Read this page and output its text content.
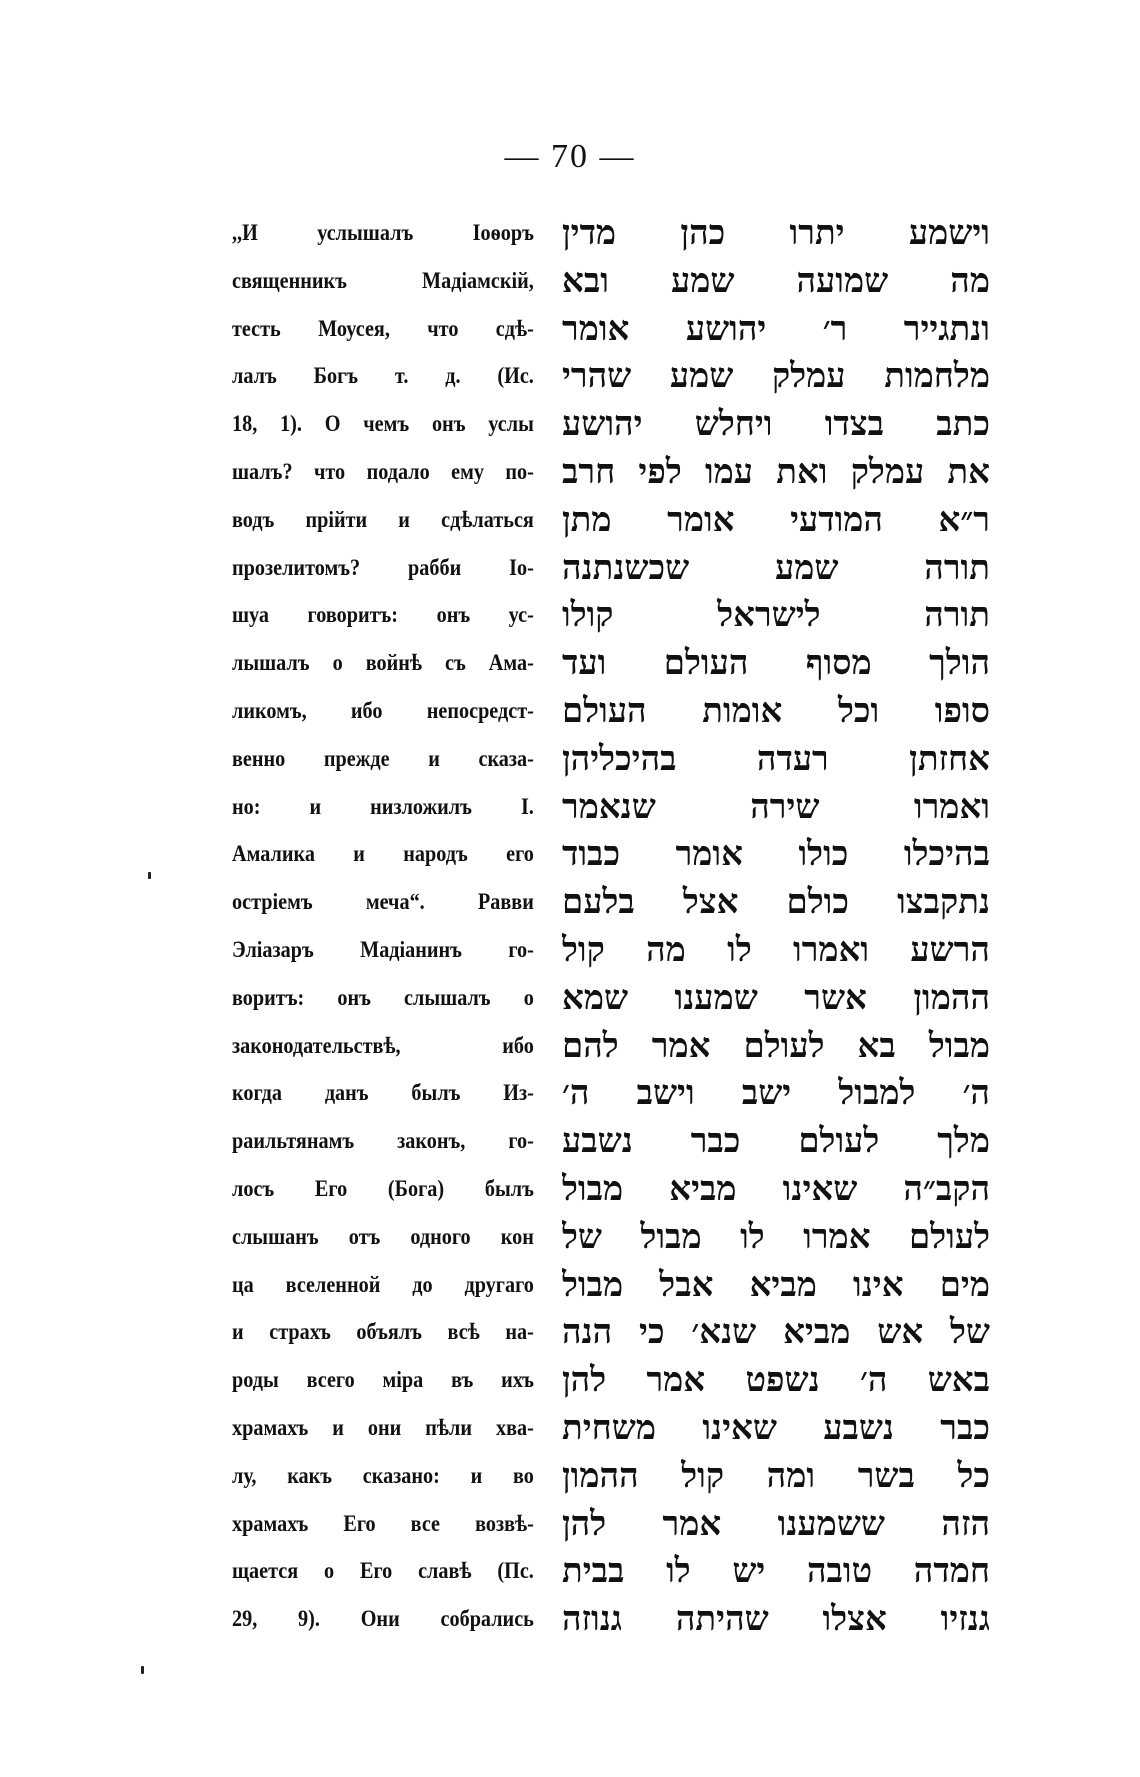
— 70 —
,,И услышалъ Іоѳоръ
священникъ Мадіамскій,
тесть Моусея, что сдѣ-
лалъ Богъ т. д. (Ис.
18, 1). О чемъ онъ услы
шалъ? что подало ему по-
водъ прійти и сдѣлаться
прозелитомъ? рабби Іо-
шуа говоритъ: онъ ус-
лышалъ о войнѣ съ Ама-
ликомъ, ибо непосредст-
венно прежде и сказа-
но: и низложилъ І.
Амалика и народъ его
остріемъ меча“. Равви
Эліазаръ Мадіанинъ го-
воритъ: онъ слышалъ о
законодательствѣ, ибо
когда данъ былъ Из-
раильтянамъ законъ, го-
лосъ Его (Бога) былъ
слышанъ отъ одного кон
ца вселенной до другаго
и страхъ объялъ всѣ на-
роды всего міра въ ихъ
храмахъ и они пѣли хва-
лу, какъ сказано: и во
храмахъ Его все возвѣ-
щается о Его славѣ (Пс.
29, 9). Они собрались
וישמע יתרו כהן מדין
מה שמועה שמע ובא
ונתגייר ר׳ יהושע אומר
מלחמות עמלק שמע שהרי
כתב בצדו ויחלש יהושע
את עמלק ואת עמו לפי חרב
ר״א המודעי אומר מתן
תורה שמע שכשנתנה
תורה לישראל קולו
הולך מסוף העולם ועד
סופו וכל אומות העולם
אחזתן רעדה בהיכליהן
ואמרו שירה שנאמר
בהיכלו כולו אומר כבוד
נתקבצו כולם אצל בלעם
הרשע ואמרו לו מה קול
ההמון אשר שמענו שמא
מבול בא לעולם אמר להם
ה׳ למבול ישב וישב ה׳
מלך לעולם כבר נשבע
הקב״ה שאינו מביא מבול
לעולם אמרו לו מבול של
מים אינו מביא אבל מבול
של אש מביא שנא׳ כי הנה
באש ה׳ נשפט אמר להן
כבר נשבע שאינו משחית
כל בשר ומה קול ההמון
הזה ששמענו אמר להן
חמדה טובה יש לו בבית
גנזיו אצלו שהיתה גנוזה
